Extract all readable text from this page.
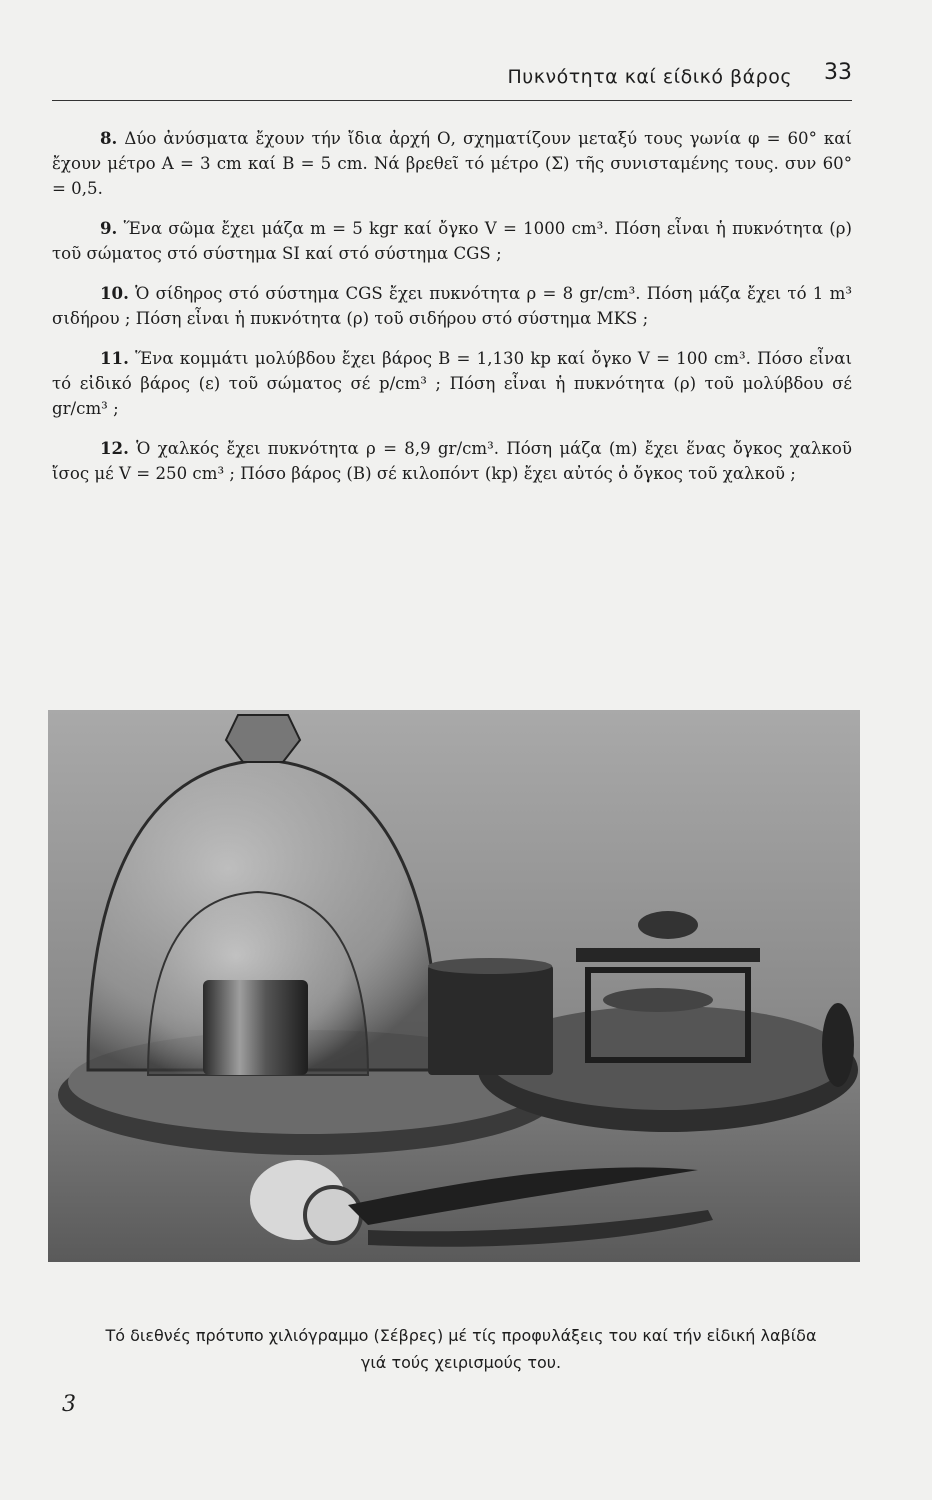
Πυκνότητα καί είδικό βάρος 33

8. Δύο ἀνύσματα ἔχουν τήν ἴδια ἀρχή Ο, σχηματίζουν μεταξύ τους γωνία φ = 60° καί ἔχουν μέτρο A = 3 cm καί B = 5 cm. Νά βρεθεῖ τό μέτρο (Σ) τῆς συνισταμένης τους. συν 60° = 0,5.

9. Ἕνα σῶμα ἔχει μάζα m = 5 kgr καί ὄγκο V = 1000 cm³. Πόση εἶναι ἡ πυκνότητα (ρ) τοῦ σώματος στό σύστημα SI καί στό σύστημα CGS ;

10. Ὁ σίδηρος στό σύστημα CGS ἔχει πυκνότητα ρ = 8 gr/cm³. Πόση μάζα ἔχει τό 1 m³ σιδήρου ; Πόση εἶναι ἡ πυκνότητα (ρ) τοῦ σιδήρου στό σύστημα MKS ;

11. Ἕνα κομμάτι μολύβδου ἔχει βάρος B = 1,130 kp καί ὄγκο V = 100 cm³. Πόσο εἶναι τό εἰδικό βάρος (ε) τοῦ σώματος σέ p/cm³ ; Πόση εἶναι ἡ πυκνότητα (ρ) τοῦ μολύβδου σέ gr/cm³ ;

12. Ὁ χαλκός ἔχει πυκνότητα ρ = 8,9 gr/cm³. Πόση μάζα (m) ἔχει ἕνας ὄγκος χαλκοῦ ἴσος μέ V = 250 cm³ ; Πόσο βάρος (B) σέ κιλοπόντ (kp) ἔχει αὐτός ὁ ὄγκος τοῦ χαλκοῦ ;

Τό διεθνές πρότυπο χιλιόγραμμο (Σέβρες) μέ τίς προφυλάξεις του καί τήν εἰδική λαβίδα
γιά τούς χειρισμούς του.
3
